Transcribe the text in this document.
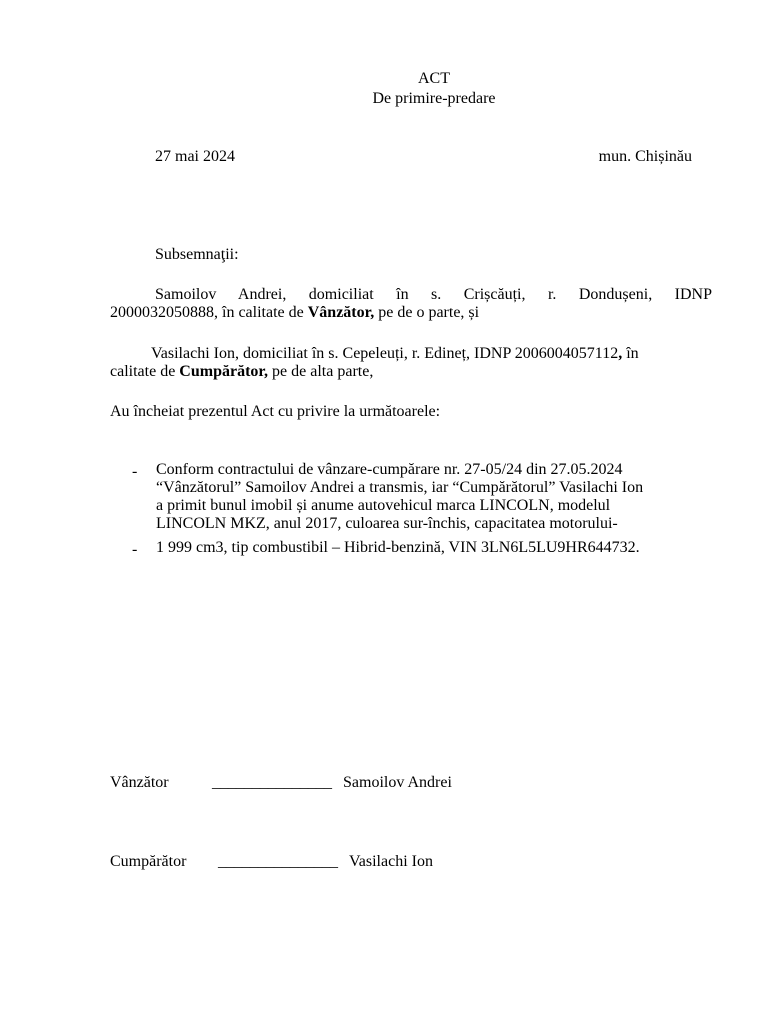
ACT

De primire-predare

27 mai 2024	mun. Chișinău

Subsemnaţii:

Samoilov Andrei, domiciliat în s. Crișcăuți, r. Dondușeni, IDNP
2000032050888, în calitate de Vânzător, pe de o parte, și
Vasilachi Ion, domiciliat în s. Cepeleuți, r. Edineț, IDNP 2006004057112, în
calitate de Cumpărător, pe de alta parte,

Au încheiat prezentul Act cu privire la următoarele:

- Conform contractului de vânzare-cumpărare nr. 27-05/24 din 27.05.2024
“Vânzătorul” Samoilov Andrei a transmis, iar “Cumpărătorul” Vasilachi Ion
a primit bunul imobil și anume autovehicul marca LINCOLN, modelul
LINCOLN MKZ, anul 2017, culoarea sur-închis, capacitatea motorului-
- 1 999 cm3, tip combustibil – Hibrid-benzină, VIN 3LN6L5LU9HR644732.

Vânzător	_______________ Samoilov Andrei

Cumpărător _______________ Vasilachi Ion
